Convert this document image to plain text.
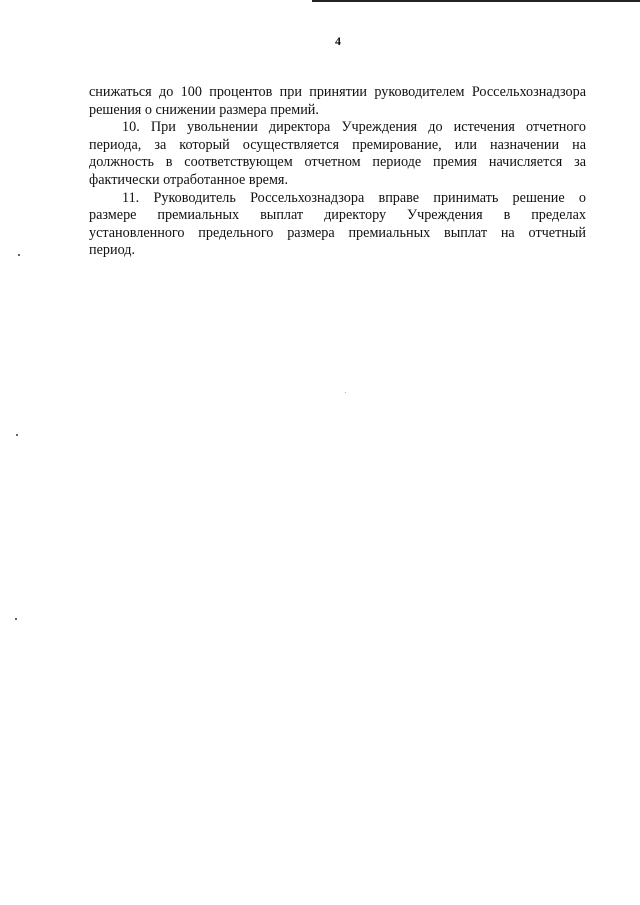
4

снижаться до 100 процентов при принятии руководителем Россельхознадзора
решения о снижении размера премий.

10. При увольнении директора Учреждения до истечения отчетного
периода, за который осуществляется премирование, или назначении на
должность в соответствующем отчетном периоде премия начисляется за
фактически отработанное время.

11. Руководитель Россельхознадзора вправе принимать решение о
размере премиальных выплат директору Учреждения в пределах
установленного предельного размера премиальных выплат на отчетный
период.
